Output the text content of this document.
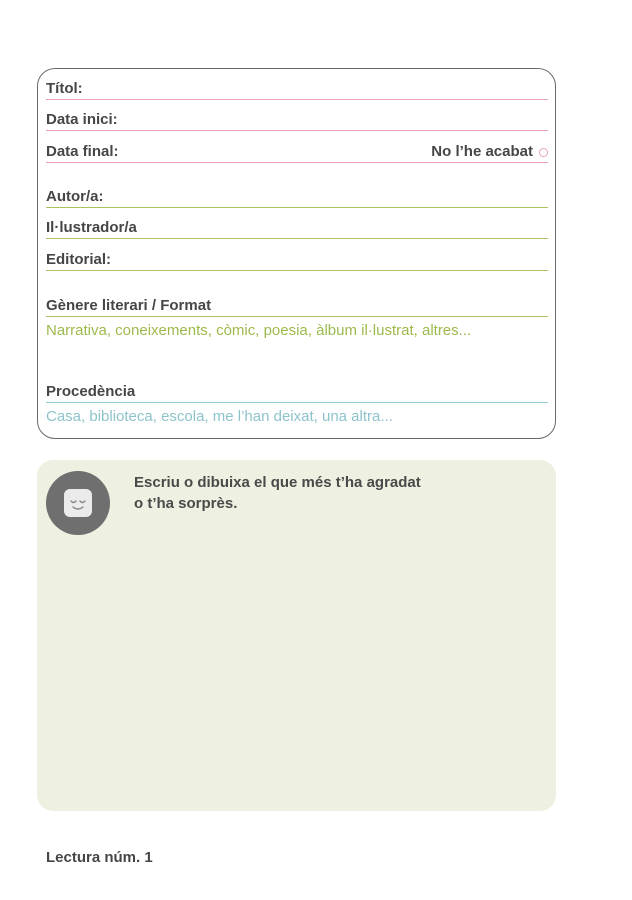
Títol:
Data inici:
Data final:	No l’he acabat
Autor/a:
Il·lustrador/a
Editorial:
Gènere literari / Format
Narrativa, coneixements, còmic, poesia, àlbum il·lustrat, altres...
Procedència
Casa, biblioteca, escola, me l’han deixat, una altra...
Escriu o dibuixa el que més t’ha agradat
o t’ha sorprès.
Lectura núm. 1
